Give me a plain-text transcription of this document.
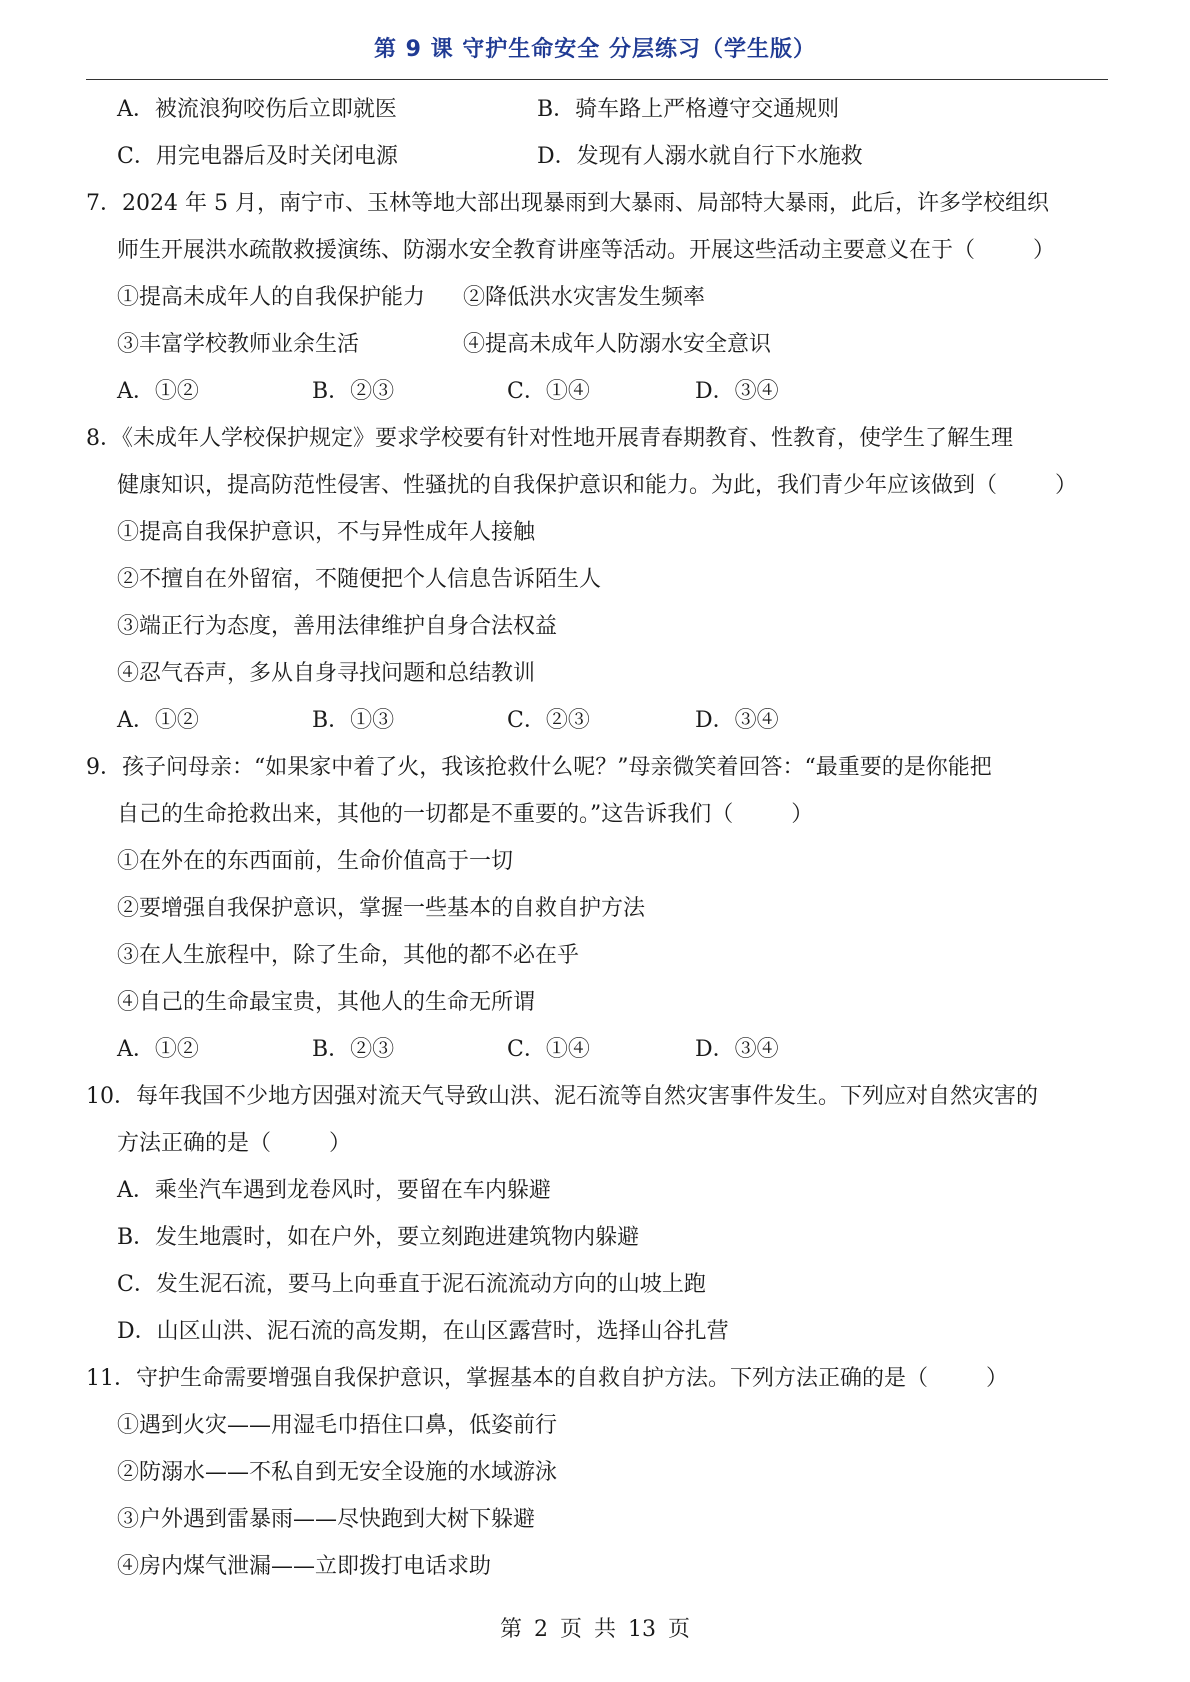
第 9 课 守护生命安全 分层练习（学生版）
A．被流浪狗咬伤后立即就医	B．骑车路上严格遵守交通规则
C．用完电器后及时关闭电源	D．发现有人溺水就自行下水施救
7．2024 年 5 月，南宁市、玉林等地大部出现暴雨到大暴雨、局部特大暴雨，此后，许多学校组织
师生开展洪水疏散救援演练、防溺水安全教育讲座等活动。开展这些活动主要意义在于（	）
①提高未成年人的自我保护能力 ②降低洪水灾害发生频率
③丰富学校教师业余生活	④提高未成年人防溺水安全意识
A．①②	B．②③	C．①④	D．③④
8．《未成年人学校保护规定》要求学校要有针对性地开展青春期教育、性教育，使学生了解生理
健康知识，提高防范性侵害、性骚扰的自我保护意识和能力。为此，我们青少年应该做到（	）
①提高自我保护意识，不与异性成年人接触
②不擅自在外留宿，不随便把个人信息告诉陌生人
③端正行为态度，善用法律维护自身合法权益
④忍气吞声，多从自身寻找问题和总结教训
A．①②	B．①③	C．②③	D．③④
9．孩子问母亲：“如果家中着了火，我该抢救什么呢？”母亲微笑着回答：“最重要的是你能把
自己的生命抢救出来，其他的一切都是不重要的。”这告诉我们（	）
①在外在的东西面前，生命价值高于一切
②要增强自我保护意识，掌握一些基本的自救自护方法
③在人生旅程中，除了生命，其他的都不必在乎
④自己的生命最宝贵，其他人的生命无所谓
A．①②	B．②③	C．①④	D．③④
10．每年我国不少地方因强对流天气导致山洪、泥石流等自然灾害事件发生。下列应对自然灾害的
方法正确的是（	）
A．乘坐汽车遇到龙卷风时，要留在车内躲避
B．发生地震时，如在户外，要立刻跑进建筑物内躲避
C．发生泥石流，要马上向垂直于泥石流流动方向的山坡上跑
D．山区山洪、泥石流的高发期，在山区露营时，选择山谷扎营
11．守护生命需要增强自我保护意识，掌握基本的自救自护方法。下列方法正确的是（	）
①遇到火灾——用湿毛巾捂住口鼻，低姿前行
②防溺水——不私自到无安全设施的水域游泳
③户外遇到雷暴雨——尽快跑到大树下躲避
④房内煤气泄漏——立即拨打电话求助
第 2 页 共 13 页
